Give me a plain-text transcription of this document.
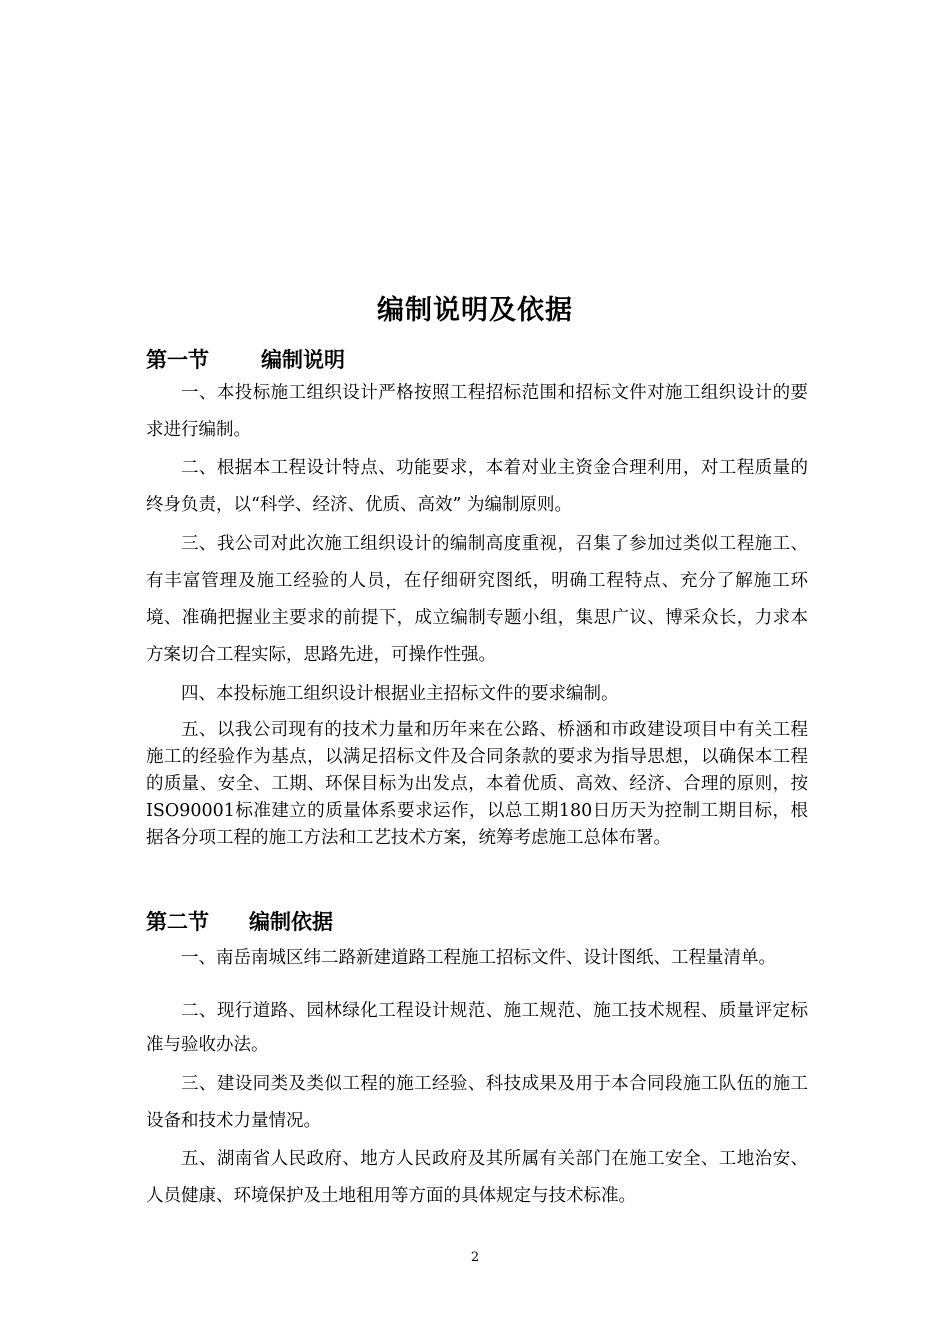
编制说明及依据
第一节 编制说明

一、本投标施工组织设计严格按照工程招标范围和招标文件对施工组织设计的要求进行编制。

二、根据本工程设计特点、功能要求，本着对业主资金合理利用，对工程质量的终身负责，以“科学、经济、优质、高效” 为编制原则。

三、我公司对此次施工组织设计的编制高度重视，召集了参加过类似工程施工、有丰富管理及施工经验的人员，在仔细研究图纸，明确工程特点、充分了解施工环境、准确把握业主要求的前提下，成立编制专题小组，集思广议、博采众长，力求本方案切合工程实际，思路先进，可操作性强。

四、本投标施工组织设计根据业主招标文件的要求编制。

五、以我公司现有的技术力量和历年来在公路、桥涵和市政建设项目中有关工程施工的经验作为基点，以满足招标文件及合同条款的要求为指导思想，以确保本工程的质量、安全、工期、环保目标为出发点，本着优质、高效、经济、合理的原则，按ISO90001标准建立的质量体系要求运作，以总工期180日历天为控制工期目标，根据各分项工程的施工方法和工艺技术方案，统筹考虑施工总体布署。

第二节 编制依据

一、南岳南城区纬二路新建道路工程施工招标文件、设计图纸、工程量清单。

二、现行道路、园林绿化工程设计规范、施工规范、施工技术规程、质量评定标准与验收办法。

三、建设同类及类似工程的施工经验、科技成果及用于本合同段施工队伍的施工设备和技术力量情况。

五、湖南省人民政府、地方人民政府及其所属有关部门在施工安全、工地治安、人员健康、环境保护及土地租用等方面的具体规定与技术标准。

2
